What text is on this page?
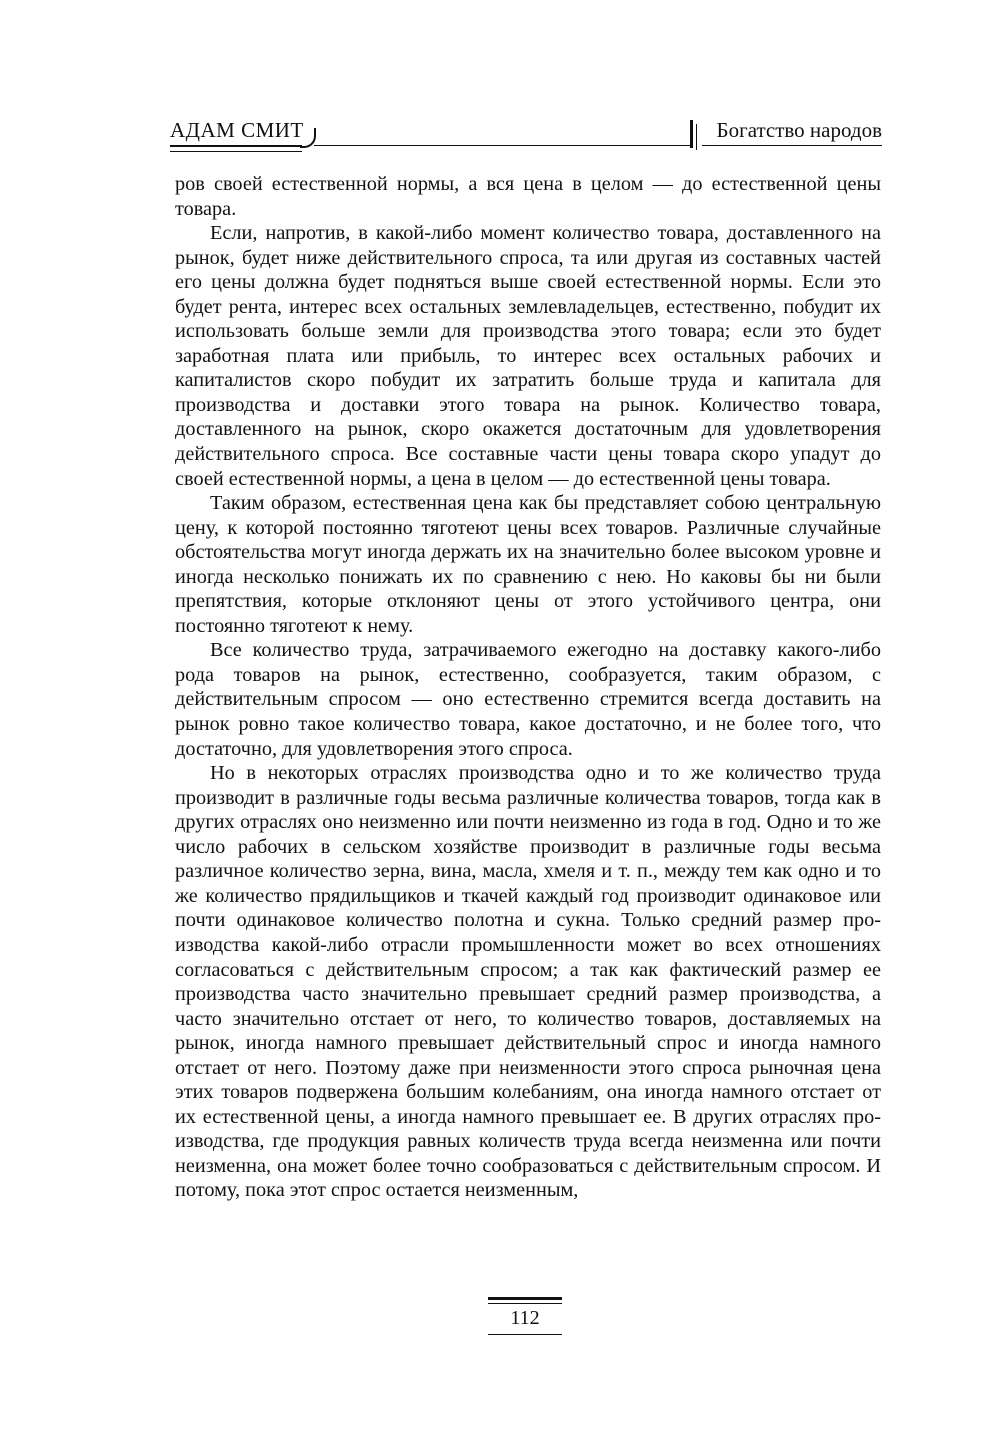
АДАМ СМИТ	Богатство народов

ров своей естественной нормы, а вся цена в целом — до естественной цены товара.

Если, напротив, в какой-либо момент количество товара, доставленного на рынок, будет ниже действительного спроса, та или другая из составных частей его цены должна будет подняться выше своей естественной нормы. Если это будет рента, интерес всех остальных землевладельцев, естественно, побудит их использовать больше земли для производства этого товара; если это будет заработная плата или прибыль, то интерес всех остальных рабочих и капиталистов скоро побудит их затратить больше труда и капитала для производства и доставки этого товара на рынок. Количество товара, доставленного на рынок, скоро окажется достаточным для удовлетворения действительного спроса. Все составные части цены товара скоро упадут до своей естественной нормы, а цена в целом — до естественной цены товара.

Таким образом, естественная цена как бы представляет собою центральную цену, к которой постоянно тяготеют цены всех товаров. Различные случайные обстоятельства могут иногда держать их на значительно более высоком уровне и иногда несколько понижать их по сравнению с нею. Но каковы бы ни были препятствия, которые отклоняют цены от этого устойчивого центра, они постоянно тяготеют к нему.

Все количество труда, затрачиваемого ежегодно на доставку какого-либо рода товаров на рынок, естественно, сообразуется, таким образом, с действительным спросом — оно естественно стремится всегда доставить на рынок ровно такое количество товара, какое достаточно, и не более того, что достаточно, для удовлетворения этого спроса.

Но в некоторых отраслях производства одно и то же количество труда производит в различные годы весьма различные количества товаров, тогда как в других отраслях оно неизменно или почти неизменно из года в год. Одно и то же число рабочих в сельском хозяйстве производит в различные годы весьма различное количество зерна, вина, масла, хмеля и т. п., между тем как одно и то же количество прядильщиков и ткачей каждый год производит одинаковое или почти одинаковое количество полотна и сукна. Только средний размер производства какой-либо отрасли промышленности может во всех отношениях согласоваться с действительным спросом; а так как фактический размер ее производства часто значительно превышает средний размер производства, а часто значительно отстает от него, то количество товаров, доставляемых на рынок, иногда намного превышает действительный спрос и иногда намного отстает от него. Поэтому даже при неизменности этого спроса рыночная цена этих товаров подвержена большим колебаниям, она иногда намного отстает от их естественной цены, а иногда намного превышает ее. В других отраслях производства, где продукция равных количеств труда всегда неизменна или почти неизменна, она может более точно сообразоваться с действительным спросом. И потому, пока этот спрос остается неизменным,

112
